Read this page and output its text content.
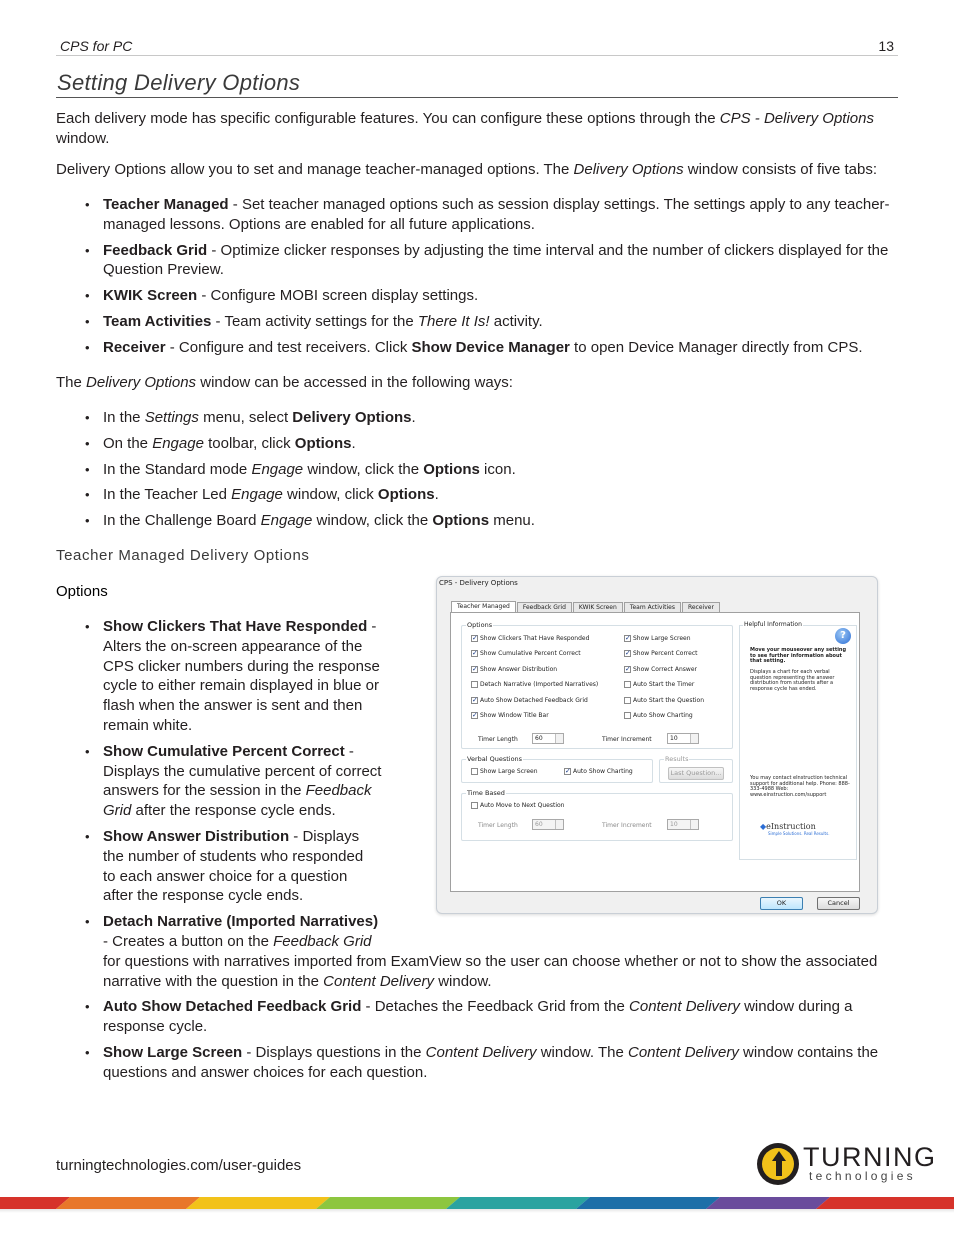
CPS for PC	13
Setting Delivery Options

Each delivery mode has specific configurable features. You can configure these options through the CPS - Delivery Options window.

Delivery Options allow you to set and manage teacher-managed options. The Delivery Options window consists of five tabs:

• Teacher Managed - Set teacher managed options such as session display settings. The settings apply to any teacher-managed lessons. Options are enabled for all future applications.
• Feedback Grid - Optimize clicker responses by adjusting the time interval and the number of clickers displayed for the Question Preview.
• KWIK Screen - Configure MOBI screen display settings.
• Team Activities - Team activity settings for the There It Is! activity.
• Receiver - Configure and test receivers. Click Show Device Manager to open Device Manager directly from CPS.

The Delivery Options window can be accessed in the following ways:

• In the Settings menu, select Delivery Options.
• On the Engage toolbar, click Options.
• In the Standard mode Engage window, click the Options icon.
• In the Teacher Led Engage window, click Options.
• In the Challenge Board Engage window, click the Options menu.
Teacher Managed Delivery Options
Options
• Show Clickers That Have Responded - Alters the on-screen appearance of the CPS clicker numbers during the response cycle to either remain displayed in blue or flash when the answer is sent and then remain white.
• Show Cumulative Percent Correct - Displays the cumulative percent of correct answers for the session in the Feedback Grid after the response cycle ends.
• Show Answer Distribution - Displays the number of students who responded to each answer choice for a question after the response cycle ends.
• Detach Narrative (Imported Narratives)
- Creates a button on the Feedback Grid
for questions with narratives imported from ExamView so the user can choose whether or not to show the associated narrative with the question in the Content Delivery window.
• Auto Show Detached Feedback Grid - Detaches the Feedback Grid from the Content Delivery window during a response cycle.
• Show Large Screen - Displays questions in the Content Delivery window. The Content Delivery window contains the questions and answer choices for each question.
CPS - Delivery Options
Teacher Managed	Feedback Grid	KWIK Screen	Team Activities	Receiver
Options
✓
Show Clickers That Have Responded
✓
Show Cumulative Percent Correct
✓
Show Answer Distribution
Detach Narrative (Imported Narratives)
✓
Auto Show Detached Feedback Grid
✓
Show Window Title Bar
✓
Show Large Screen
✓
Show Percent Correct
✓
Show Correct Answer
Auto Start the Timer
Auto Start the Question
Auto Show Charting
Timer Length	60	Timer Increment	10
Verbal Questions
Show Large Screen
✓	Auto Show Charting
Results
Last Question...
Time Based
Auto Move to Next Question
Timer Length	60	Timer Increment	10
Helpful Information
?
Move your mouseover any setting to see further information about that setting.
Displays a chart for each verbal question representing the answer distribution from students after a response cycle has ended.
You may contact eInstruction technical support for additional help. Phone: 888-333-4988 Web: www.einstruction.com/support
◆eInstruction
Simple Solutions. Real Results.
OK	Cancel
turningtechnologies.com/user-guides	TURNING
technologies
